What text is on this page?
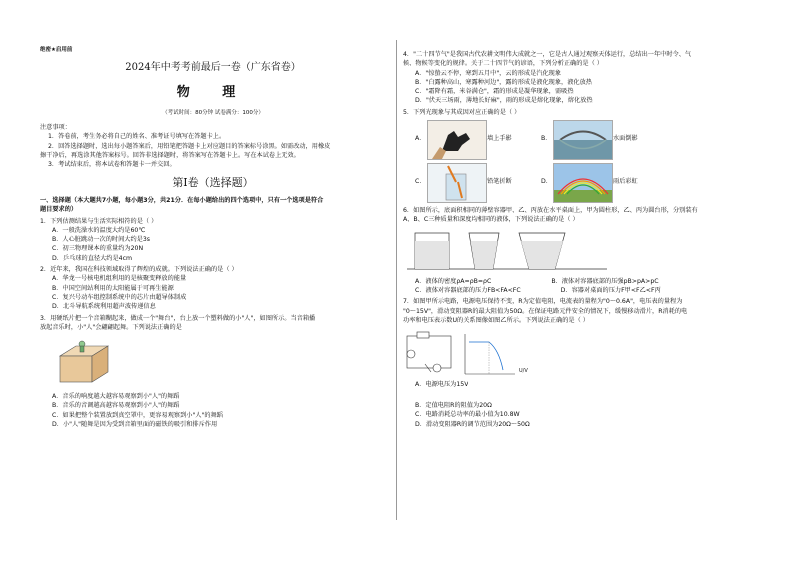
绝密★启用前
2024年中考考前最后一卷（广东省卷）
物 理
（考试时间：80分钟 试卷满分：100分）
注意事项：
1．答卷前，考生务必将自己的姓名、准考证号填写在答题卡上。
2．回答选择题时，选出每小题答案后，用铅笔把答题卡上对应题目的答案标号涂黑。如需改动，用橡皮
擦干净后，再选涂其他答案标号。回答非选择题时，将答案写在答题卡上。写在本试卷上无效。
3．考试结束后，将本试卷和答题卡一并交回。
第Ⅰ卷（选择题）
一、选择题（本大题共7小题，每小题3分，共21分．在每小题给出的四个选项中，只有一个选项是符合
题目要求的）
1．下列估测结果与生活实际相符的是（ ）
A．一般洗澡水的温度大约是60℃
B．人心脏跳动一次的时间大约是3s
C．初三物理课本的重量约为20N
D．乒乓球的直径大约是4cm
2．近年来，我国在科技领域取得了辉煌的成就。下列说法正确的是（ ）
A．华龙一号核电机组利用的是核聚变释放的能量
B．中国空间站利用的太阳能属于可再生能源
C．复兴号动车组控制系统中的芯片由超导体制成
D．北斗导航系统利用超声波传递信息
3．用硬纸片把一个音箱糊起来，做成一个"舞台"，台上放一个塑料做的小"人"，如图所示。当音箱播
放起音乐时，小"人"会翩翩起舞。下列说法正确的是
A．音乐的响度越大越容易观察到小"人"的舞蹈
B．音乐的音调越高越容易观察到小"人"的舞蹈
C．如果把整个装置放到真空罩中，更容易观察到小"人"的舞蹈
D．小"人"随舞是因为受到音箱里面的磁铁的吸引和排斥作用
4．"二十四节气"是我国古代农耕文明伟大成就之一，它是古人通过观察天体运行，总结出一年中时令、气
候、物候等变化的规律。关于二十四节气的谚语，下列分析正确的是（ ）
A．"惊蛰云不停，寒到五月中"，云的形成是汽化现象
B．"白露种高山，寒露种河边"，露的形成是液化现象，液化放热
C．"霜降有霜，米谷满仓"，霜的形成是凝华现象，需吸热
D．"伏天三场雨，薄地长好麻"，雨的形成是熔化现象，熔化放热
5．下列光现象与其成因对应正确的是（ ）
A．	墙上手影	B．	水面倒影
C．	铅笔折断	D．	雨后彩虹
6．如图所示，底面积相同的薄壁容器甲、乙、丙放在水平桌面上，甲为圆柱形，乙、丙为圆台形，分别装有
A、B、C三种质量和深度均相同的液体，下列说法正确的是（ ）
A．液体的密度ρA=ρB=ρC	B．液体对容器底部的压强pB>pA>pC
C．液体对容器底部的压力FB<FA<FC	D．容器对桌面的压力F甲<F乙<F丙
7．如图甲所示电路，电源电压保持不变，R为定值电阻，电流表的量程为"0～0.6A"，电压表的量程为
"0～15V"，滑动变阻器R的最大阻值为50Ω。在保证电路元件安全的情况下，缓慢移动滑片，R消耗的电
功率和电压表示数U的关系图像如图乙所示。下列说法正确的是（ ）
U/V
A．电源电压为15V
B．定值电阻R的阻值为20Ω
C．电路消耗总功率的最小值为10.8W
D．滑动变阻器R的调节范围为20Ω～50Ω
